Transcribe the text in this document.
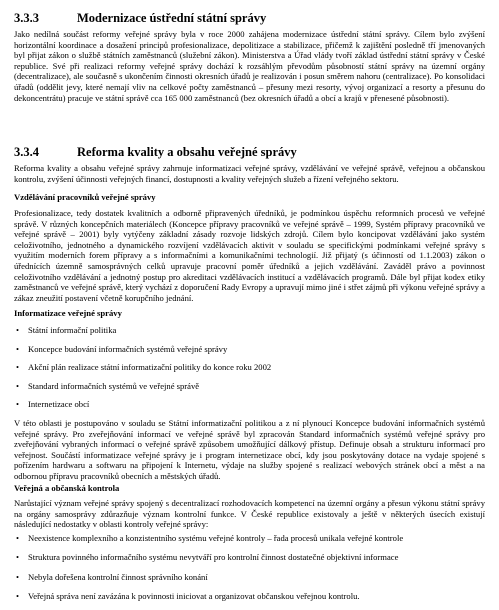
3.3.3	Modernizace ústřední státní správy

Jako nedílná součást reformy veřejné správy byla v roce 2000 zahájena modernizace ústřední státní správy. Cílem bylo zvýšení horizontální koordinace a dosažení principů profesionalizace, depolitizace a stabilizace, přičemž k zajištění posledně tří jmenovaných byl přijat zákon o službě státních zaměstnanců (služební zákon). Ministerstva a Úřad vlády tvoří základ ústřední státní správy v České republice. Své při realizaci reformy veřejné správy dochází k rozsáhlým převodům působností státní správy na územní orgány (decentralizace), ale současně s ukončením činnosti okresních úřadů je realizován i posun směrem nahoru (centralizace). Po konsolidaci úřadů (oddělit jevy, které nemají vliv na celkové počty zaměstnanců – přesuny mezi resorty, vývoj organizací a resorty a přesunu do dekoncentrátu) pracuje ve státní správě cca 165 000 zaměstnanců (bez okresních úřadů a obcí a krajů v přenesené působnosti).

3.3.4	Reforma kvality a obsahu veřejné správy

Reforma kvality a obsahu veřejné správy zahrnuje informatizaci veřejné správy, vzdělávání ve veřejné správě, veřejnou a občanskou kontrolu, zvýšení účinnosti veřejných financí, dostupnosti a kvality veřejných služeb a řízení veřejného sektoru.

Vzdělávání pracovníků veřejné správy

Profesionalizace, tedy dostatek kvalitních a odborně připravených úředníků, je podmínkou úspěchu reformních procesů ve veřejné správě. V různých koncepčních materiálech (Koncepce přípravy pracovníků ve veřejné správě – 1999, Systém přípravy pracovníků ve veřejné správě – 2001) byly vytýčeny základní zásady rozvoje lidských zdrojů. Cílem bylo koncipovat vzdělávání jako systém celoživotního, jednotného a dynamického rozvíjení vzdělávacích aktivit v souladu se specifickými podmínkami veřejné správy s využitím moderních forem přípravy a s informačními a komunikačními technologií. Již přijatý (s účinností od 1.1.2003) zákon o úřednících územně samosprávných celků upravuje pracovní poměr úředníků a jejich vzdělávání. Zaváděl právo a povinnost celoživotního vzdělávání a jednotný postup pro akreditaci vzdělávacích institucí a vzdělávacích programů. Dále byl přijat kodex etiky zaměstnanců ve veřejné správě, který vychází z doporučení Rady Evropy a upravují mimo jiné i střet zájmů při výkonu veřejné správy a zákaz zneužití postavení včetně korupčního jednání.

Informatizace veřejné správy
• Státní informační politika
• Koncepce budování informačních systémů veřejné správy
• Akční plán realizace státní informatizační politiky do konce roku 2002
• Standard informačních systémů ve veřejné správě
• Internetizace obcí

V této oblasti je postupováno v souladu se Státní informatizační politikou a z ní plynoucí Koncepce budování informačních systémů veřejné správy. Pro zveřejňování informací ve veřejné správě byl zpracován Standard informačních systémů veřejné správy pro zveřejňování vybraných informací o veřejné správě způsobem umožňující dálkový přístup. Definuje obsah a strukturu informací pro veřejnost. Součástí informatizace veřejné správy je i program internetizace obcí, kdy jsou poskytovány dotace na vydaje spojené s pořízením hardwaru a softwaru na připojení k Internetu, výdaje na služby spojené s realizací webových stránek obcí a měst a na odbornou přípravu pracovníků obecních a městských úřadů.

Veřejná a občanská kontrola

Narůstající význam veřejné správy spojený s decentralizací rozhodovacích kompetencí na územní orgány a přesun výkonu státní správy na orgány samosprávy zdůrazňuje význam kontrolní funkce. V České republice existovaly a ještě v některých úsecích existují následující nedostatky v oblasti kontroly veřejné správy:

• Neexistence komplexního a konzistentního systému veřejné kontroly – řada procesů unikala veřejné kontrole
• Struktura povinného informačního systému nevytváří pro kontrolní činnost dostatečné objektivní informace
• Nebyla dořešena kontrolní činnost správního konání
• Veřejná správa není zavázána k povinnosti iniciovat a organizovat občanskou veřejnou kontrolu.
